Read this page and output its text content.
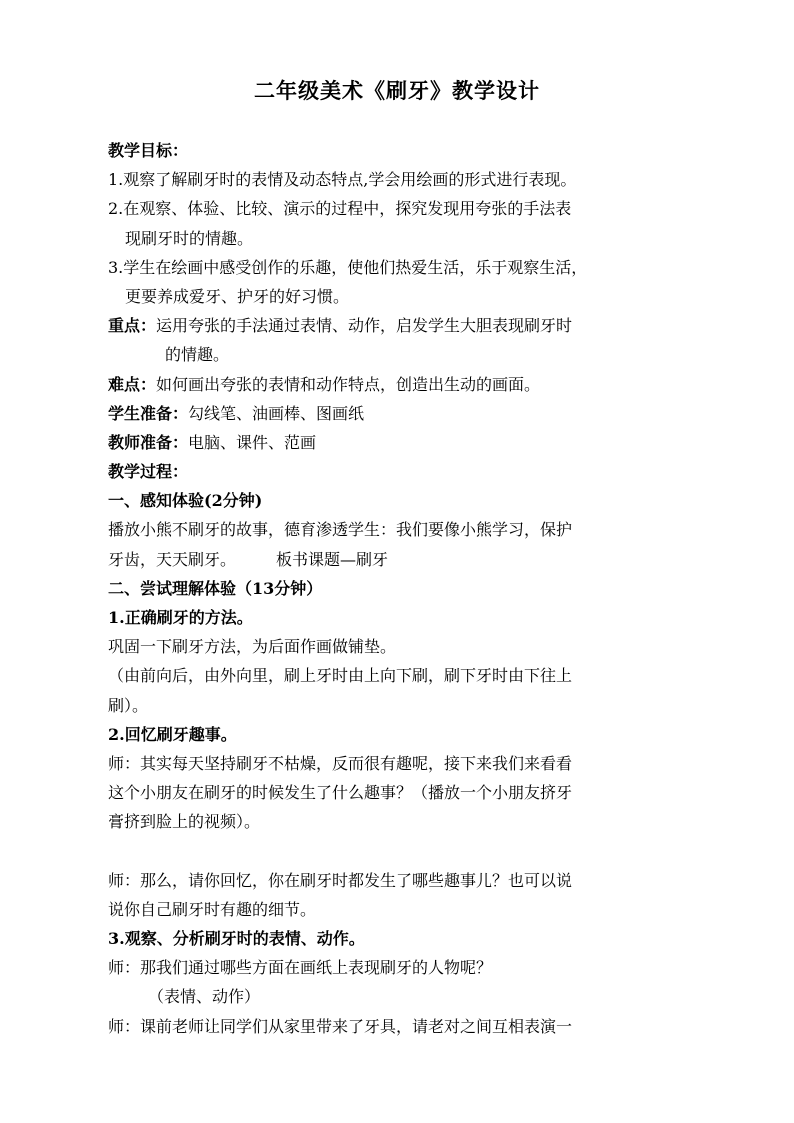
二年级美术《刷牙》教学设计
教学目标：
1.观察了解刷牙时的表情及动态特点,学会用绘画的形式进行表现。
2.在观察、体验、比较、演示的过程中，探究发现用夸张的手法表
现刷牙时的情趣。
3.学生在绘画中感受创作的乐趣，使他们热爱生活，乐于观察生活，
更要养成爱牙、护牙的好习惯。
重点：运用夸张的手法通过表情、动作，启发学生大胆表现刷牙时
的情趣。
难点：如何画出夸张的表情和动作特点，创造出生动的画面。
学生准备：勾线笔、油画棒、图画纸
教师准备：电脑、课件、范画
教学过程：
一、感知体验(2分钟)
播放小熊不刷牙的故事，德育渗透学生：我们要像小熊学习，保护
牙齿，天天刷牙。	板书课题—刷牙
二、尝试理解体验（13分钟）
1.正确刷牙的方法。
巩固一下刷牙方法，为后面作画做铺垫。
（由前向后，由外向里，刷上牙时由上向下刷，刷下牙时由下往上
刷）。
2.回忆刷牙趣事。
师：其实每天坚持刷牙不枯燥，反而很有趣呢，接下来我们来看看
这个小朋友在刷牙的时候发生了什么趣事？（播放一个小朋友挤牙
膏挤到脸上的视频）。
师：那么，请你回忆，你在刷牙时都发生了哪些趣事儿？也可以说
说你自己刷牙时有趣的细节。
3.观察、分析刷牙时的表情、动作。
师：那我们通过哪些方面在画纸上表现刷牙的人物呢？
（表情、动作）
师：课前老师让同学们从家里带来了牙具，请老对之间互相表演一
